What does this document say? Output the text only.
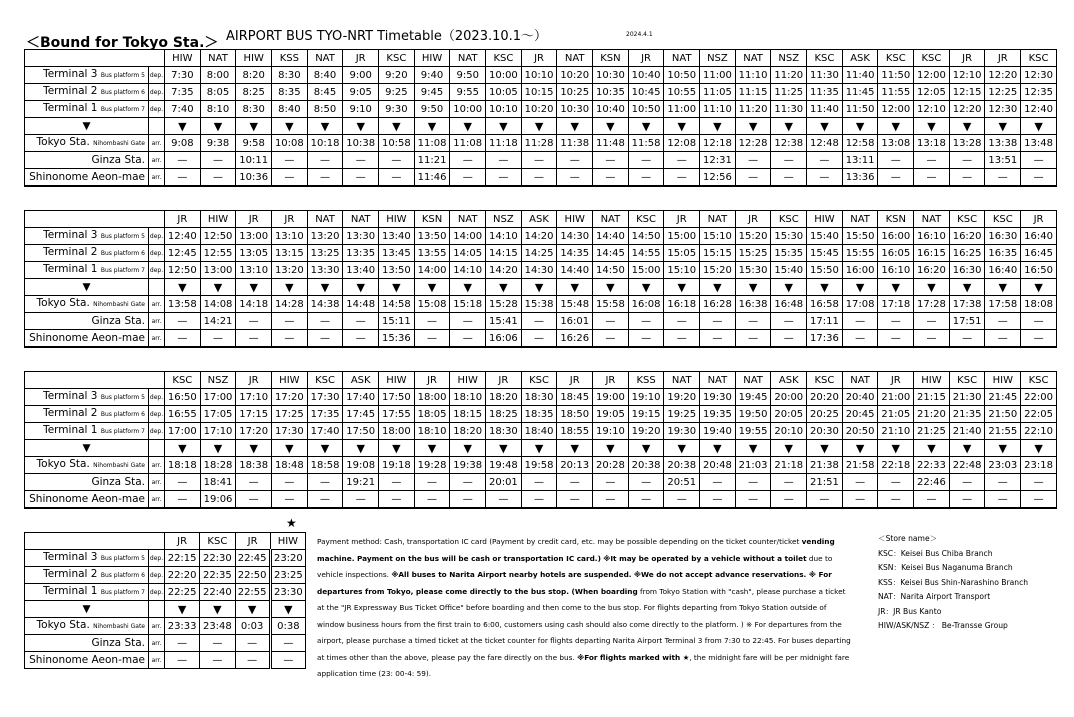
＜Bound for Tokyo Sta.＞ AIRPORT BUS TYO-NRT Timetable（2023.10.1～）	2024.4.1
		HIW	NAT	HIW	KSS	NAT	JR	KSC	HIW	NAT	KSC	JR	NAT	KSN	JR	NAT	NSZ	NAT	NSZ	KSC	ASK	KSC	KSC	JR	JR	KSC
Terminal 3 Bus platform 5	dep.	7:30	8:00	8:20	8:30	8:40	9:00	9:20	9:40	9:50	10:00	10:10	10:20	10:30	10:40	10:50	11:00	11:10	11:20	11:30	11:40	11:50	12:00	12:10	12:20	12:30
Terminal 2 Bus platform 6	dep.	7:35	8:05	8:25	8:35	8:45	9:05	9:25	9:45	9:55	10:05	10:15	10:25	10:35	10:45	10:55	11:05	11:15	11:25	11:35	11:45	11:55	12:05	12:15	12:25	12:35
Terminal 1 Bus platform 7	dep.	7:40	8:10	8:30	8:40	8:50	9:10	9:30	9:50	10:00	10:10	10:20	10:30	10:40	10:50	11:00	11:10	11:20	11:30	11:40	11:50	12:00	12:10	12:20	12:30	12:40
▼		▼	▼	▼	▼	▼	▼	▼	▼	▼	▼	▼	▼	▼	▼	▼	▼	▼	▼	▼	▼	▼	▼	▼	▼	▼
Tokyo Sta. Nihombashi Gate	arr.	9:08	9:38	9:58	10:08	10:18	10:38	10:58	11:08	11:08	11:18	11:28	11:38	11:48	11:58	12:08	12:18	12:28	12:38	12:48	12:58	13:08	13:18	13:28	13:38	13:48
Ginza Sta.	arr.	—	—	10:11	—	—	—	—	11:21	—	—	—	—	—	—	—	12:31	—	—	—	13:11	—	—	—	13:51	—
Shinonome Aeon-mae	arr.	—	—	10:36	—	—	—	—	11:46	—	—	—	—	—	—	—	12:56	—	—	—	13:36	—	—	—	—	—
		JR	HIW	JR	JR	NAT	NAT	HIW	KSN	NAT	NSZ	ASK	HIW	NAT	KSC	JR	NAT	JR	KSC	HIW	NAT	KSN	NAT	KSC	KSC	JR
Terminal 3 Bus platform 5	dep.	12:40	12:50	13:00	13:10	13:20	13:30	13:40	13:50	14:00	14:10	14:20	14:30	14:40	14:50	15:00	15:10	15:20	15:30	15:40	15:50	16:00	16:10	16:20	16:30	16:40
Terminal 2 Bus platform 6	dep.	12:45	12:55	13:05	13:15	13:25	13:35	13:45	13:55	14:05	14:15	14:25	14:35	14:45	14:55	15:05	15:15	15:25	15:35	15:45	15:55	16:05	16:15	16:25	16:35	16:45
Terminal 1 Bus platform 7	dep.	12:50	13:00	13:10	13:20	13:30	13:40	13:50	14:00	14:10	14:20	14:30	14:40	14:50	15:00	15:10	15:20	15:30	15:40	15:50	16:00	16:10	16:20	16:30	16:40	16:50
▼		▼	▼	▼	▼	▼	▼	▼	▼	▼	▼	▼	▼	▼	▼	▼	▼	▼	▼	▼	▼	▼	▼	▼	▼	▼
Tokyo Sta. Nihombashi Gate	arr.	13:58	14:08	14:18	14:28	14:38	14:48	14:58	15:08	15:18	15:28	15:38	15:48	15:58	16:08	16:18	16:28	16:38	16:48	16:58	17:08	17:18	17:28	17:38	17:58	18:08
Ginza Sta.	arr.	—	14:21	—	—	—	—	15:11	—	—	15:41	—	16:01	—	—	—	—	—	—	17:11	—	—	—	17:51	—	—
Shinonome Aeon-mae	arr.	—	—	—	—	—	—	15:36	—	—	16:06	—	16:26	—	—	—	—	—	—	17:36	—	—	—	—	—	—
		KSC	NSZ	JR	HIW	KSC	ASK	HIW	JR	HIW	JR	KSC	JR	JR	KSS	NAT	NAT	NAT	ASK	KSC	NAT	JR	HIW	KSC	HIW	KSC
Terminal 3 Bus platform 5	dep.	16:50	17:00	17:10	17:20	17:30	17:40	17:50	18:00	18:10	18:20	18:30	18:45	19:00	19:10	19:20	19:30	19:45	20:00	20:20	20:40	21:00	21:15	21:30	21:45	22:00
Terminal 2 Bus platform 6	dep.	16:55	17:05	17:15	17:25	17:35	17:45	17:55	18:05	18:15	18:25	18:35	18:50	19:05	19:15	19:25	19:35	19:50	20:05	20:25	20:45	21:05	21:20	21:35	21:50	22:05
Terminal 1 Bus platform 7	dep.	17:00	17:10	17:20	17:30	17:40	17:50	18:00	18:10	18:20	18:30	18:40	18:55	19:10	19:20	19:30	19:40	19:55	20:10	20:30	20:50	21:10	21:25	21:40	21:55	22:10
▼		▼	▼	▼	▼	▼	▼	▼	▼	▼	▼	▼	▼	▼	▼	▼	▼	▼	▼	▼	▼	▼	▼	▼	▼	▼
Tokyo Sta. Nihombashi Gate	arr.	18:18	18:28	18:38	18:48	18:58	19:08	19:18	19:28	19:38	19:48	19:58	20:13	20:28	20:38	20:38	20:48	21:03	21:18	21:38	21:58	22:18	22:33	22:48	23:03	23:18
Ginza Sta.	arr.	—	18:41	—	—	—	19:21	—	—	—	20:01	—	—	—	—	20:51	—	—	—	21:51	—	—	22:46	—	—	—
Shinonome Aeon-mae	arr.	—	19:06	—	—	—	—	—	—	—	—	—	—	—	—	—	—	—	—	—	—	—	—	—	—	—
		JR	KSC	JR	HIW
Terminal 3 Bus platform 5	dep.	22:15	22:30	22:45	23:20
Terminal 2 Bus platform 6	dep.	22:20	22:35	22:50	23:25
Terminal 1 Bus platform 7	dep.	22:25	22:40	22:55	23:30
▼		▼	▼	▼	▼
Tokyo Sta. Nihombashi Gate	arr.	23:33	23:48	0:03	0:38
Ginza Sta.	arr.	—	—	—	—
Shinonome Aeon-mae	arr.	—	—	—	—
★
Payment method: Cash, transportation IC card (Payment by credit card, etc. may be possible depending on the ticket counter/ticket vending machine. Payment on the bus will be cash or transportation IC card.) ※It may be operated by a vehicle without a toilet due to vehicle inspections. ※All buses to Narita Airport nearby hotels are suspended. ※We do not accept advance reservations. ※ For departures from Tokyo, please come directly to the bus stop. (When boarding from Tokyo Station with "cash", please purchase a ticket at the "JR Expressway Bus Ticket Office" before boarding and then come to the bus stop. For flights departing from Tokyo Station outside of window business hours from the first train to 6:00, customers using cash should also come directly to the platform. ) ※ For departures from the airport, please purchase a timed ticket at the ticket counter for flights departing Narita Airport Terminal 3 from 7:30 to 22:45. For buses departing at times other than the above, please pay the fare directly on the bus. ※For flights marked with ★, the midnight fare will be per midnight fare application time (23: 00-4: 59).
＜Store name＞
KSC：Keisei Bus Chiba Branch
KSN：Keisei Bus Naganuma Branch
KSS：Keisei Bus Shin-Narashino Branch
NAT：Narita Airport Transport
JR：JR Bus Kanto
HIW/ASK/NSZ ： Be-Transse Group
